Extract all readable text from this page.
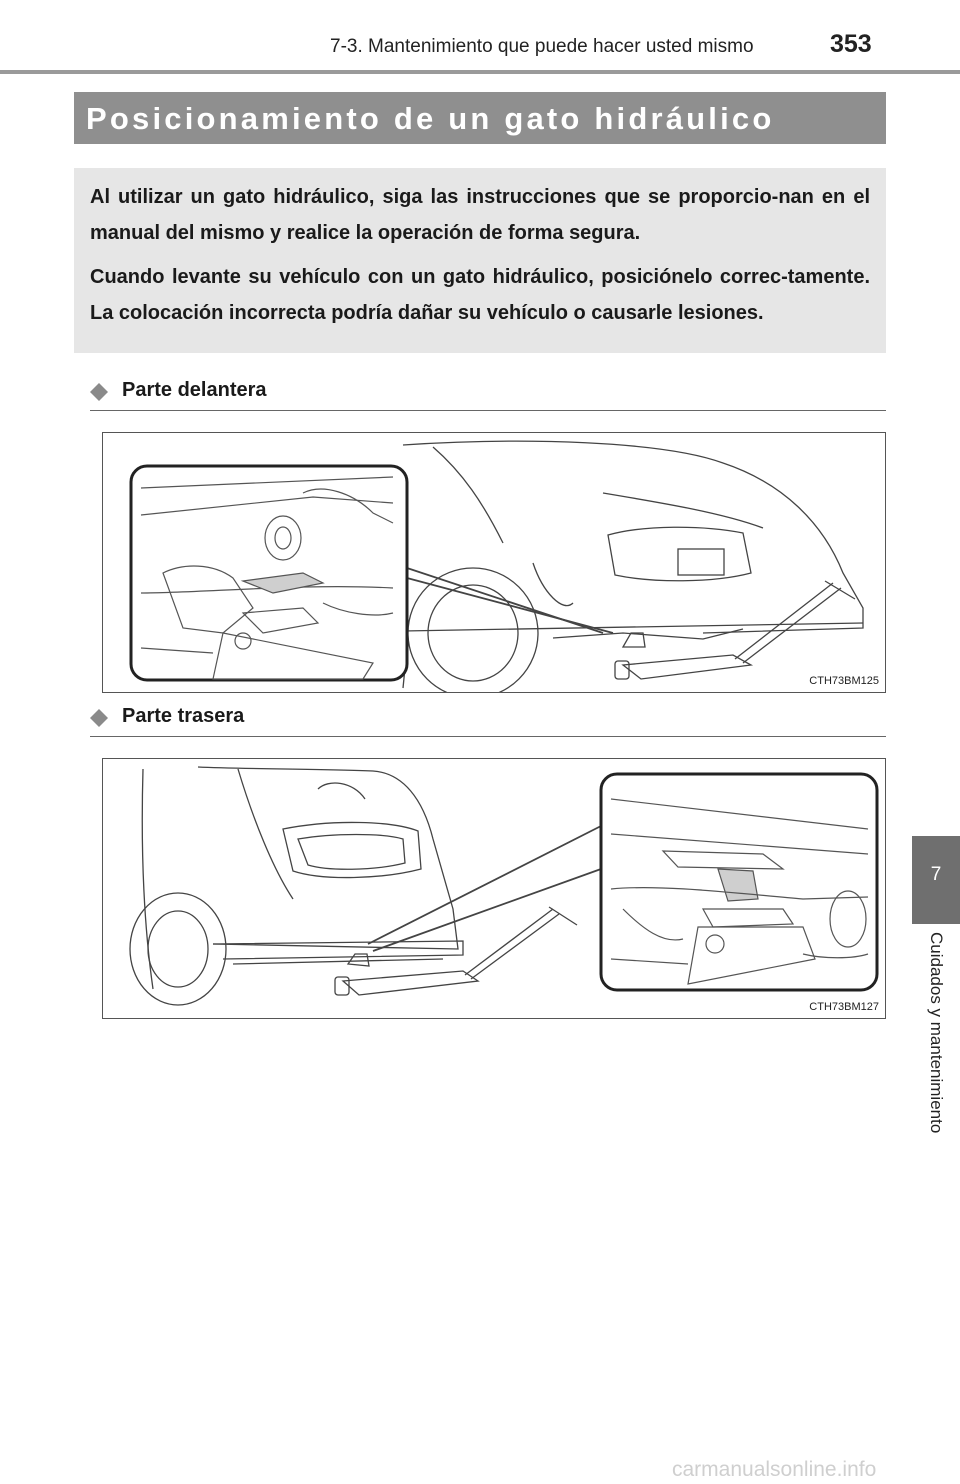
7-3. Mantenimiento que puede hacer usted mismo	353
Posicionamiento de un gato hidráulico

Al utilizar un gato hidráulico, siga las instrucciones que se proporcio-nan en el manual del mismo y realice la operación de forma segura.

Cuando levante su vehículo con un gato hidráulico, posiciónelo correc-tamente. La colocación incorrecta podría dañar su vehículo o causarle lesiones.

Parte delantera
CTH73BM125
Parte trasera
CTH73BM127
7
Cuidados y mantenimiento
carmanualsonline.info
